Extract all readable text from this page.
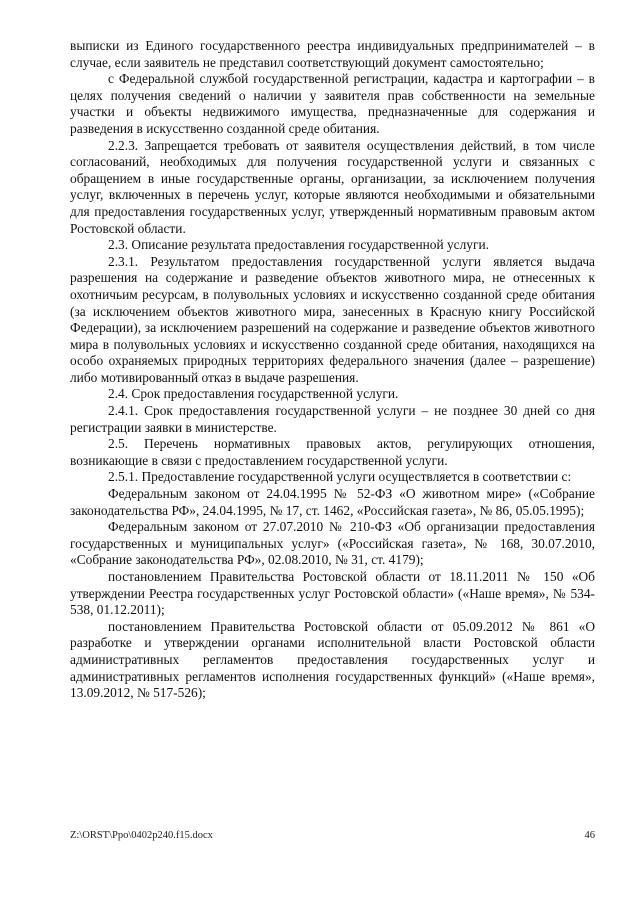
выписки из Единого государственного реестра индивидуальных предпринимателей – в случае, если заявитель не представил соответствующий документ самостоятельно;

с Федеральной службой государственной регистрации, кадастра и картографии – в целях получения сведений о наличии у заявителя прав собственности на земельные участки и объекты недвижимого имущества, предназначенные для содержания и разведения в искусственно созданной среде обитания.

2.2.3. Запрещается требовать от заявителя осуществления действий, в том числе согласований, необходимых для получения государственной услуги и связанных с обращением в иные государственные органы, организации, за исключением получения услуг, включенных в перечень услуг, которые являются необходимыми и обязательными для предоставления государственных услуг, утвержденный нормативным правовым актом Ростовской области.

2.3. Описание результата предоставления государственной услуги.

2.3.1. Результатом предоставления государственной услуги является выдача разрешения на содержание и разведение объектов животного мира, не отнесенных к охотничьим ресурсам, в полувольных условиях и искусственно созданной среде обитания (за исключением объектов животного мира, занесенных в Красную книгу Российской Федерации), за исключением разрешений на содержание и разведение объектов животного мира в полувольных условиях и искусственно созданной среде обитания, находящихся на особо охраняемых природных территориях федерального значения (далее – разрешение) либо мотивированный отказ в выдаче разрешения.

2.4. Срок предоставления государственной услуги.

2.4.1. Срок предоставления государственной услуги – не позднее 30 дней со дня регистрации заявки в министерстве.

2.5. Перечень нормативных правовых актов, регулирующих отношения, возникающие в связи с предоставлением государственной услуги.

2.5.1. Предоставление государственной услуги осуществляется в соответствии с:

Федеральным законом от 24.04.1995 № 52-ФЗ «О животном мире» («Собрание законодательства РФ», 24.04.1995, № 17, ст. 1462, «Российская газета», № 86, 05.05.1995);

Федеральным законом от 27.07.2010 № 210-ФЗ «Об организации предоставления государственных и муниципальных услуг» («Российская газета», № 168, 30.07.2010, «Собрание законодательства РФ», 02.08.2010, № 31, ст. 4179);

постановлением Правительства Ростовской области от 18.11.2011 № 150 «Об утверждении Реестра государственных услуг Ростовской области» («Наше время», № 534-538, 01.12.2011);

постановлением Правительства Ростовской области от 05.09.2012 № 861 «О разработке и утверждении органами исполнительной власти Ростовской области административных регламентов предоставления государственных услуг и административных регламентов исполнения государственных функций» («Наше время», 13.09.2012, № 517-526);

Z:\ORST\Ppo\0402p240.f15.docx	46
